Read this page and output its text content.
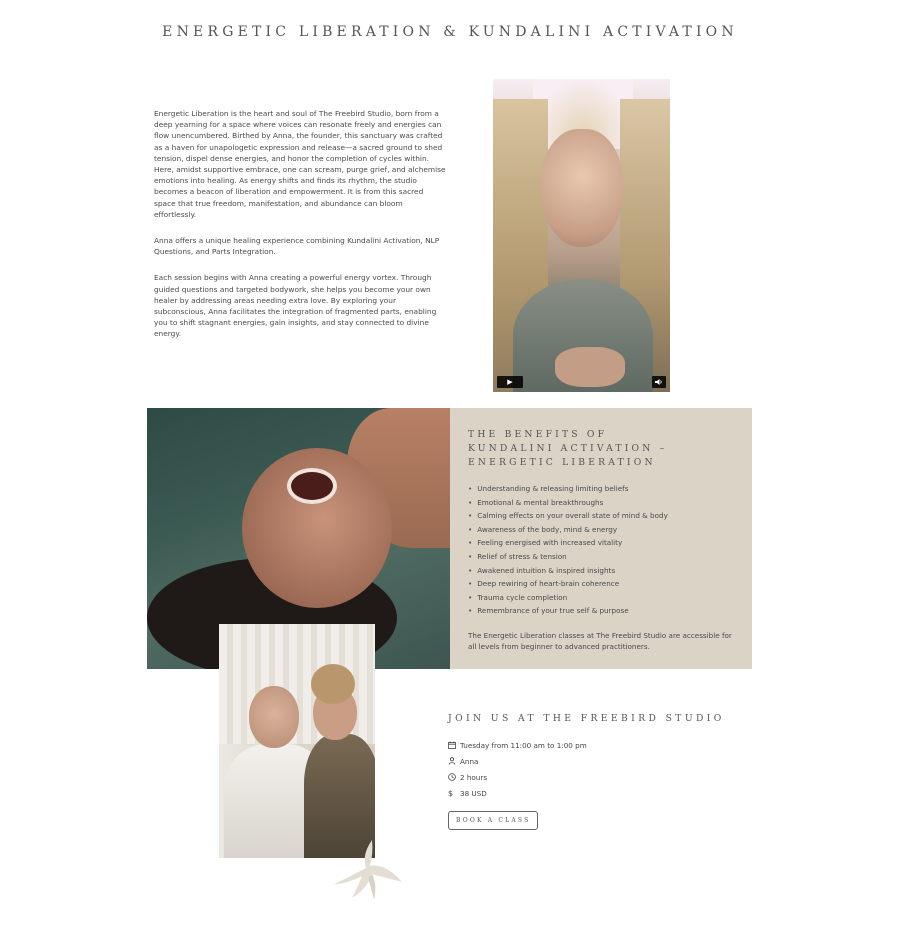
ENERGETIC LIBERATION & KUNDALINI ACTIVATION

Energetic Liberation is the heart and soul of The Freebird Studio, born from a deep yearning for a space where voices can resonate freely and energies can flow unencumbered. Birthed by Anna, the founder, this sanctuary was crafted as a haven for unapologetic expression and release—a sacred ground to shed tension, dispel dense energies, and honor the completion of cycles within. Here, amidst supportive embrace, one can scream, purge grief, and alchemise emotions into healing. As energy shifts and finds its rhythm, the studio becomes a beacon of liberation and empowerment. It is from this sacred space that true freedom, manifestation, and abundance can bloom effortlessly.

Anna offers a unique healing experience combining Kundalini Activation, NLP Questions, and Parts Integration.

Each session begins with Anna creating a powerful energy vortex. Through guided questions and targeted bodywork, she helps you become your own healer by addressing areas needing extra love. By exploring your subconscious, Anna facilitates the integration of fragmented parts, enabling you to shift stagnant energies, gain insights, and stay connected to divine energy.

▶
THE BENEFITS OF KUNDALINI ACTIVATION – ENERGETIC LIBERATION
• Understanding & releasing limiting beliefs
• Emotional & mental breakthroughs
• Calming effects on your overall state of mind & body
• Awareness of the body, mind & energy
• Feeling energised with increased vitality
• Relief of stress & tension
• Awakened intuition & inspired insights
• Deep rewiring of heart-brain coherence
• Trauma cycle completion
• Remembrance of your true self & purpose

The Energetic Liberation classes at The Freebird Studio are accessible for all levels from beginner to advanced practitioners.

JOIN US AT THE FREEBIRD STUDIO
Tuesday from 11:00 am to 1:00 pm
Anna
2 hours
$ 38 USD
BOOK A CLASS
